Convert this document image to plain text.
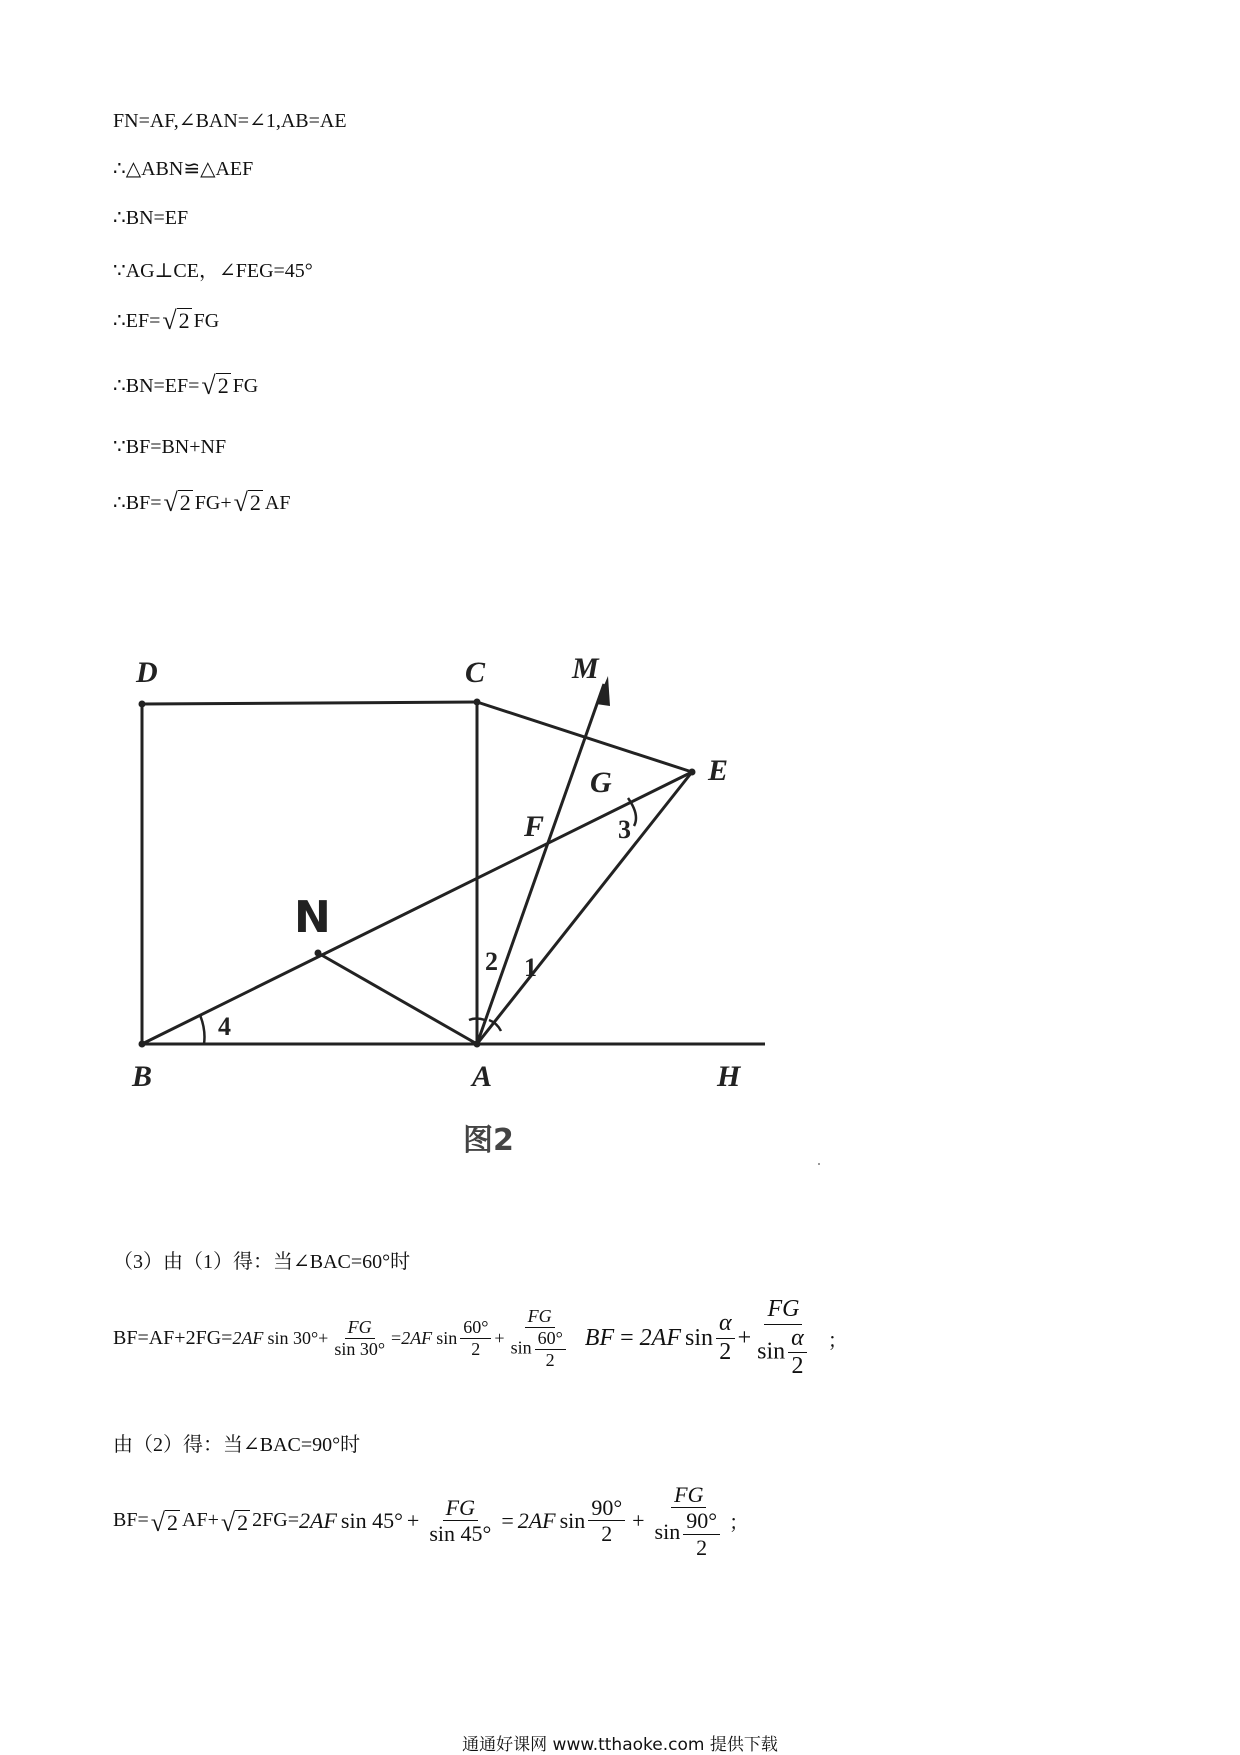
FN=AF,∠BAN=∠1,AB=AE
∴△ABN≌△AEF
∴BN=EF
∵AG⊥CE，∠FEG=45°
∴EF= √ 2 FG
∴BN=EF= √ 2 FG
∵BF=BN+NF
∴BF= √ 2 FG+ √ 2 AF
D	C	M
G	E
F
B	A	H
N
4
3
2 1
图2
（3）由（1）得：当∠BAC=60°时
BF=AF+2FG= 2AF $\sin 30^\circ + \frac{FG}{\sin 30^\circ} = 2AF$ $\sin \frac{60^\circ}{2} + \frac{FG}{\sin \frac{60^\circ}{2}}$ BF = 2AF $\sin \frac{\alpha}{2} + \frac{FG}{\sin \frac{\alpha}{2}}$ ；
由（2）得：当∠BAC=90°时
BF= √ 2 AF+ √ 2 2FG= 2AF $\sin 45^\circ + \frac{FG}{\sin 45^\circ} = 2AF$ $\sin \frac{90^\circ}{2} + \frac{FG}{\sin \frac{90^\circ}{2}}$ ；
通通好课网 www.tthaoke.com 提供下载
